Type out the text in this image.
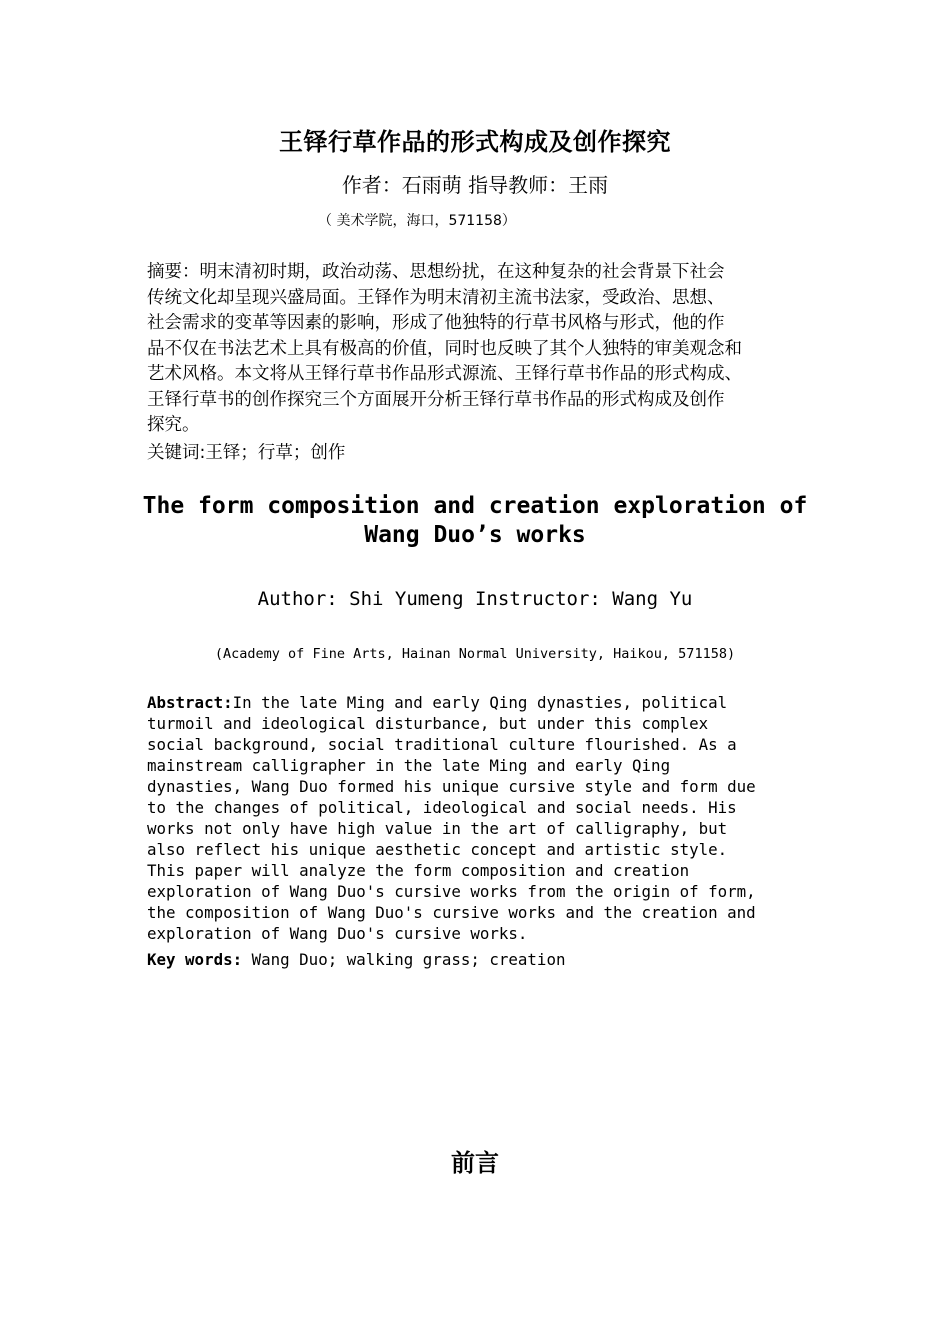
王铎行草作品的形式构成及创作探究
作者：石雨萌 指导教师：王雨
（ 美术学院，海口，571158）

摘要：明末清初时期，政治动荡、思想纷扰，在这种复杂的社会背景下社会
传统文化却呈现兴盛局面。王铎作为明末清初主流书法家，受政治、思想、
社会需求的变革等因素的影响，形成了他独特的行草书风格与形式，他的作
品不仅在书法艺术上具有极高的价值，同时也反映了其个人独特的审美观念和
艺术风格。本文将从王铎行草书作品形式源流、王铎行草书作品的形式构成、
王铎行草书的创作探究三个方面展开分析王铎行草书作品的形式构成及创作
探究。

关键词:王铎；行草；创作
The form composition and creation exploration of
Wang Duo’s works
Author: Shi Yumeng Instructor: Wang Yu
(Academy of Fine Arts, Hainan Normal University, Haikou, 571158)

Abstract:In the late Ming and early Qing dynasties, political
turmoil and ideological disturbance, but under this complex
social background, social traditional culture flourished. As a
mainstream calligrapher in the late Ming and early Qing
dynasties, Wang Duo formed his unique cursive style and form due
to the changes of political, ideological and social needs. His
works not only have high value in the art of calligraphy, but
also reflect his unique aesthetic concept and artistic style.
This paper will analyze the form composition and creation
exploration of Wang Duo's cursive works from the origin of form,
the composition of Wang Duo's cursive works and the creation and
exploration of Wang Duo's cursive works.

Key words: Wang Duo; walking grass; creation
前言
